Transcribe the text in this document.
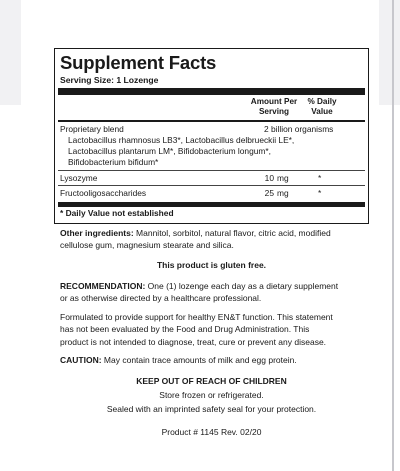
Supplement Facts
Serving Size: 1 Lozenge
Amount Per
Serving
% Daily
Value
Proprietary blend	2 billion organisms
Lactobacillus rhamnosus LB3*, Lactobacillus delbrueckii LE*,
Lactobacillus plantarum LM*, Bifidobacterium longum*,
Bifidobacterium bifidum*
Lysozyme	10 mg	*
Fructooligosaccharides	25 mg	*
* Daily Value not established

Other ingredients: Mannitol, sorbitol, natural flavor, citric acid, modified
cellulose gum, magnesium stearate and silica.

This product is gluten free.

RECOMMENDATION: One (1) lozenge each day as a dietary supplement
or as otherwise directed by a healthcare professional.

Formulated to provide support for healthy EN&T function. This statement
has not been evaluated by the Food and Drug Administration. This
product is not intended to diagnose, treat, cure or prevent any disease.

CAUTION: May contain trace amounts of milk and egg protein.

KEEP OUT OF REACH OF CHILDREN
Store frozen or refrigerated.
Sealed with an imprinted safety seal for your protection.
Product # 1145 Rev. 02/20
